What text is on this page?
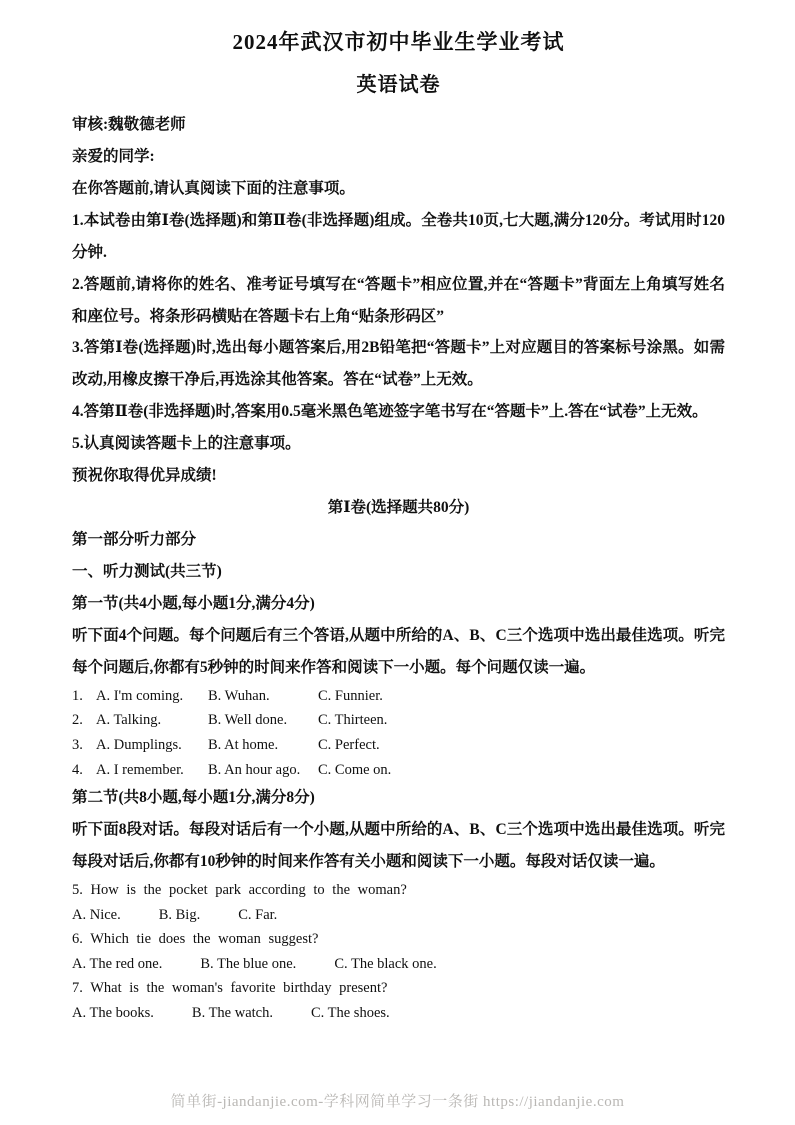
2024年武汉市初中毕业生学业考试
英语试卷

审核:魏敬德老师

亲爱的同学:

在你答题前,请认真阅读下面的注意事项。

1.本试卷由第Ⅰ卷(选择题)和第Ⅱ卷(非选择题)组成。全卷共10页,七大题,满分120分。考试用时120分钟.

2.答题前,请将你的姓名、准考证号填写在“答题卡”相应位置,并在“答题卡”背面左上角填写姓名和座位号。将条形码横贴在答题卡右上角“贴条形码区”

3.答第Ⅰ卷(选择题)时,选出每小题答案后,用2B铅笔把“答题卡”上对应题目的答案标号涂黑。如需改动,用橡皮擦干净后,再选涂其他答案。答在“试卷”上无效。

4.答第Ⅱ卷(非选择题)时,答案用0.5毫米黑色笔迹签字笔书写在“答题卡”上.答在“试卷”上无效。

5.认真阅读答题卡上的注意事项。

预祝你取得优异成绩!

第Ⅰ卷(选择题共80分)

第一部分听力部分

一、听力测试(共三节)

第一节(共4小题,每小题1分,满分4分)

听下面4个问题。每个问题后有三个答语,从题中所给的A、B、C三个选项中选出最佳选项。听完每个问题后,你都有5秒钟的时间来作答和阅读下一小题。每个问题仅读一遍。

1. A. I'm coming. B. Wuhan.	C. Funnier.
2. A. Talking.	B. Well done. C. Thirteen.
3. A. Dumplings. B. At home.	C. Perfect.
4. A. I remember. B. An hour ago. C. Come on.

第二节(共8小题,每小题1分,满分8分)

听下面8段对话。每段对话后有一个小题,从题中所给的A、B、C三个选项中选出最佳选项。听完每段对话后,你都有10秒钟的时间来作答有关小题和阅读下一小题。每段对话仅读一遍。

5. How is the pocket park according to the woman?

A. Nice.	B. Big.	C. Far.

6. Which tie does the woman suggest?

A. The red one.	B. The blue one.	C. The black one.

7. What is the woman's favorite birthday present?

A. The books.	B. The watch.	C. The shoes.
简单街-jiandanjie.com-学科网简单学习一条街 https://jiandanjie.com
